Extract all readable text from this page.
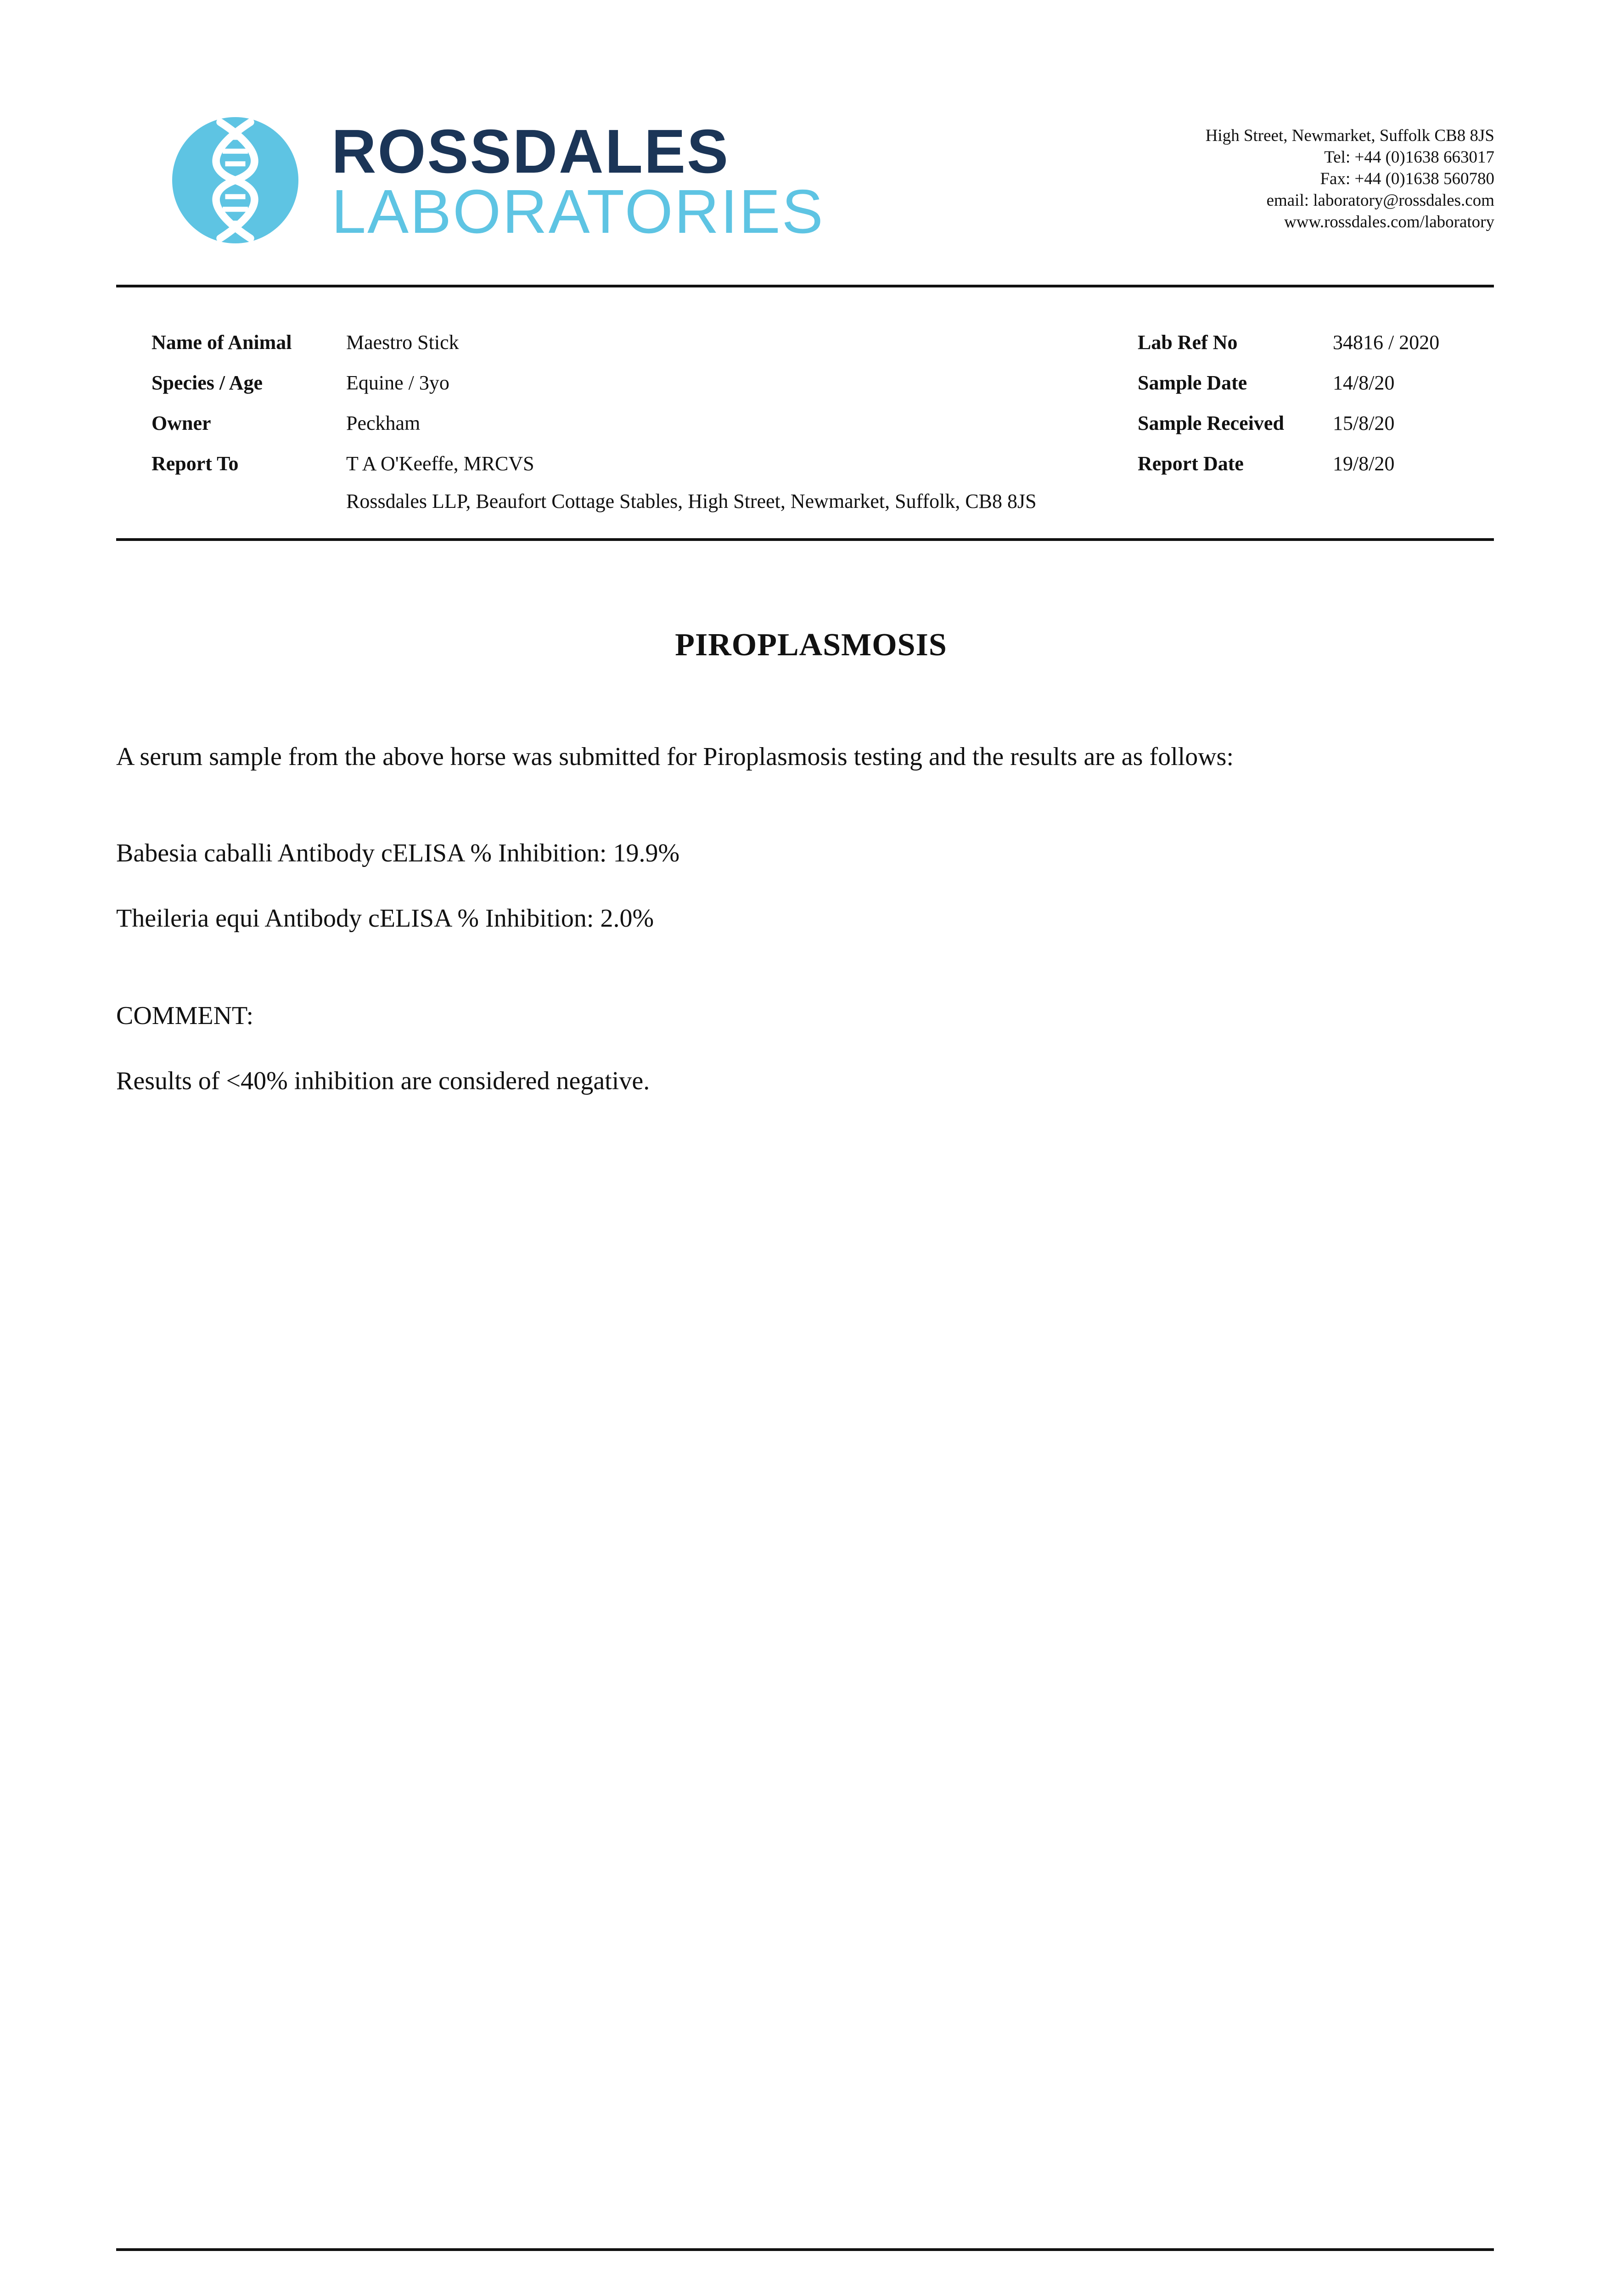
ROSSDALES
LABORATORIES
High Street, Newmarket, Suffolk CB8 8JS
Tel: +44 (0)1638 663017
Fax: +44 (0)1638 560780
email: laboratory@rossdales.com
www.rossdales.com/laboratory
Name of Animal	Maestro Stick
Species / Age	Equine / 3yo
Owner	Peckham
Report To	T A O'Keeffe, MRCVS
Rossdales LLP, Beaufort Cottage Stables, High Street, Newmarket, Suffolk, CB8 8JS
Lab Ref No	34816 / 2020
Sample Date	14/8/20
Sample Received 15/8/20
Report Date	19/8/20
PIROPLASMOSIS
A serum sample from the above horse was submitted for Piroplasmosis testing and the results are as follows:
Babesia caballi Antibody cELISA % Inhibition: 19.9%
Theileria equi Antibody cELISA % Inhibition: 2.0%
COMMENT:
Results of <40% inhibition are considered negative.
